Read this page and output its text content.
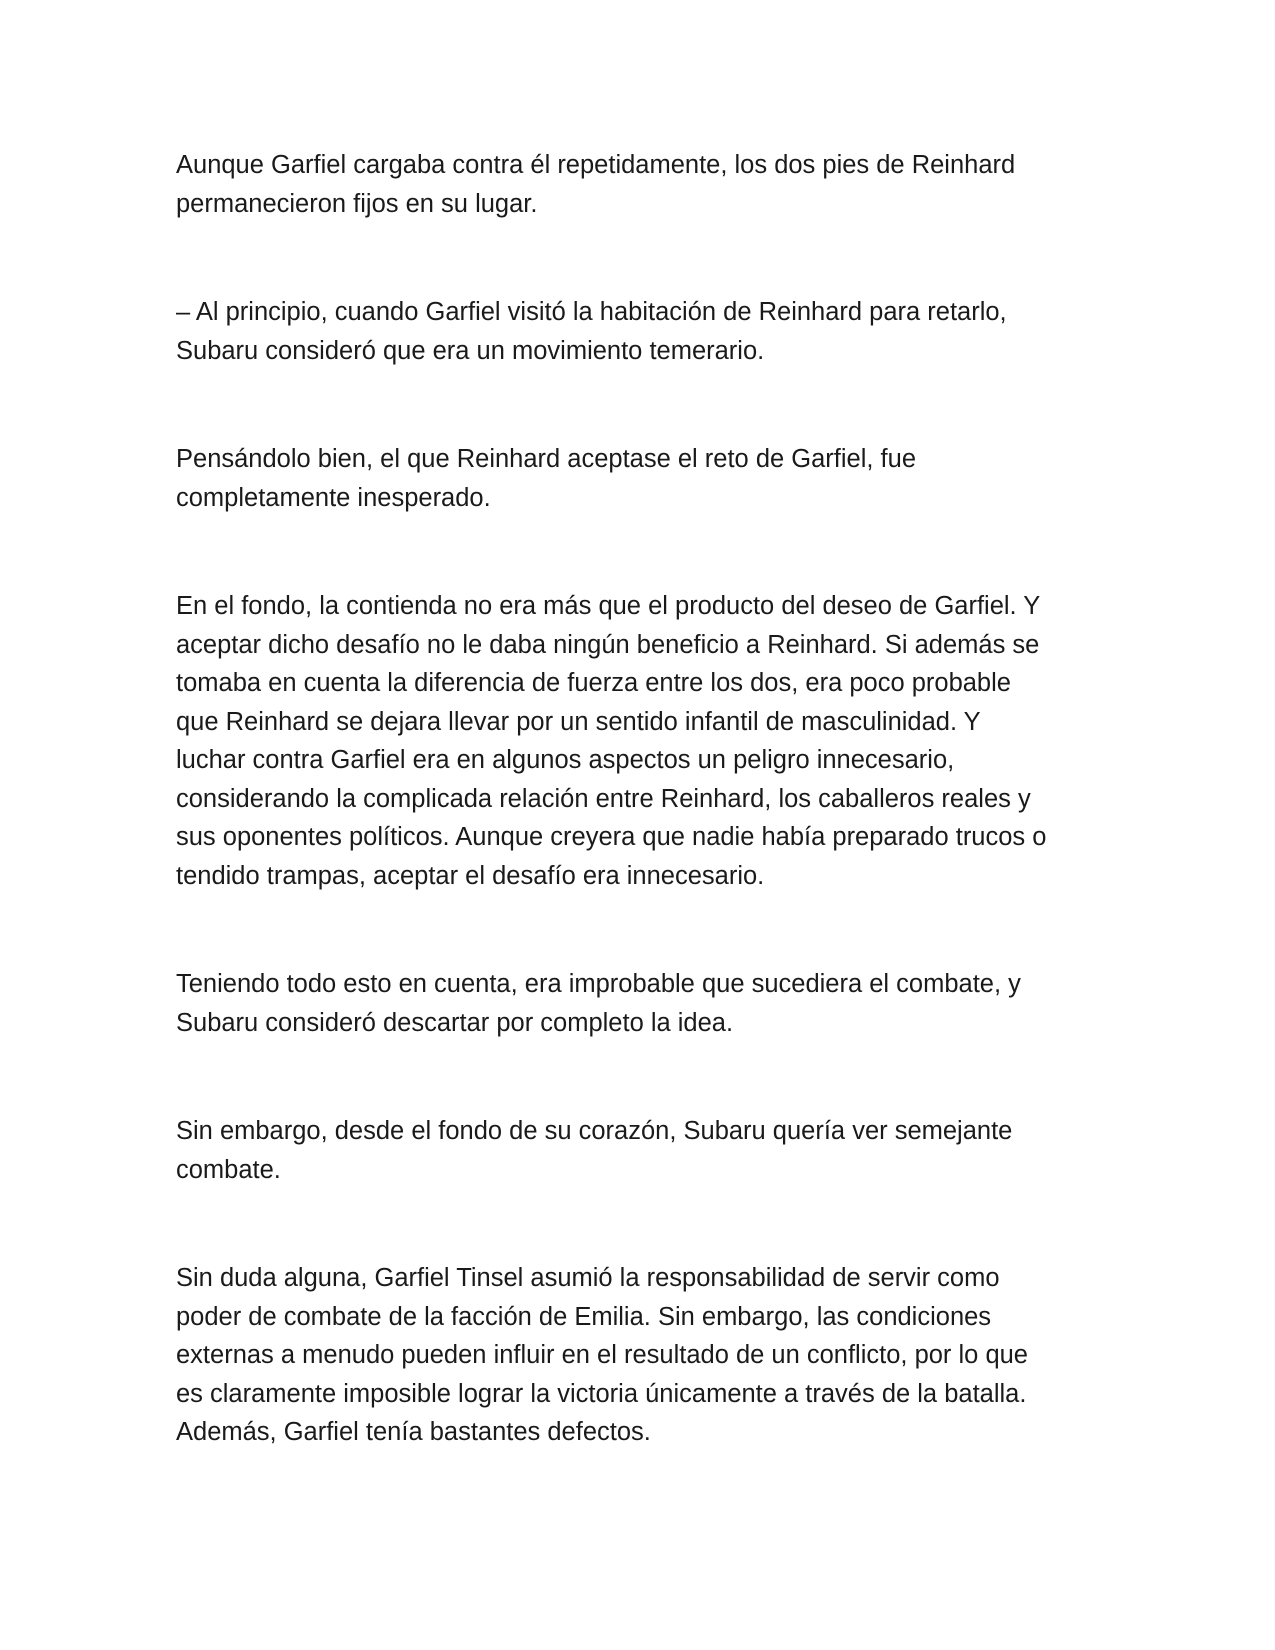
Aunque Garfiel cargaba contra él repetidamente, los dos pies de Reinhard
permanecieron fijos en su lugar.

– Al principio, cuando Garfiel visitó la habitación de Reinhard para retarlo,
Subaru consideró que era un movimiento temerario.

Pensándolo bien, el que Reinhard aceptase el reto de Garfiel, fue
completamente inesperado.

En el fondo, la contienda no era más que el producto del deseo de Garfiel. Y
aceptar dicho desafío no le daba ningún beneficio a Reinhard. Si además se
tomaba en cuenta la diferencia de fuerza entre los dos, era poco probable
que Reinhard se dejara llevar por un sentido infantil de masculinidad. Y
luchar contra Garfiel era en algunos aspectos un peligro innecesario,
considerando la complicada relación entre Reinhard, los caballeros reales y
sus oponentes políticos. Aunque creyera que nadie había preparado trucos o
tendido trampas, aceptar el desafío era innecesario.

Teniendo todo esto en cuenta, era improbable que sucediera el combate, y
Subaru consideró descartar por completo la idea.

Sin embargo, desde el fondo de su corazón, Subaru quería ver semejante
combate.

Sin duda alguna, Garfiel Tinsel asumió la responsabilidad de servir como
poder de combate de la facción de Emilia. Sin embargo, las condiciones
externas a menudo pueden influir en el resultado de un conflicto, por lo que
es claramente imposible lograr la victoria únicamente a través de la batalla.
Además, Garfiel tenía bastantes defectos.
